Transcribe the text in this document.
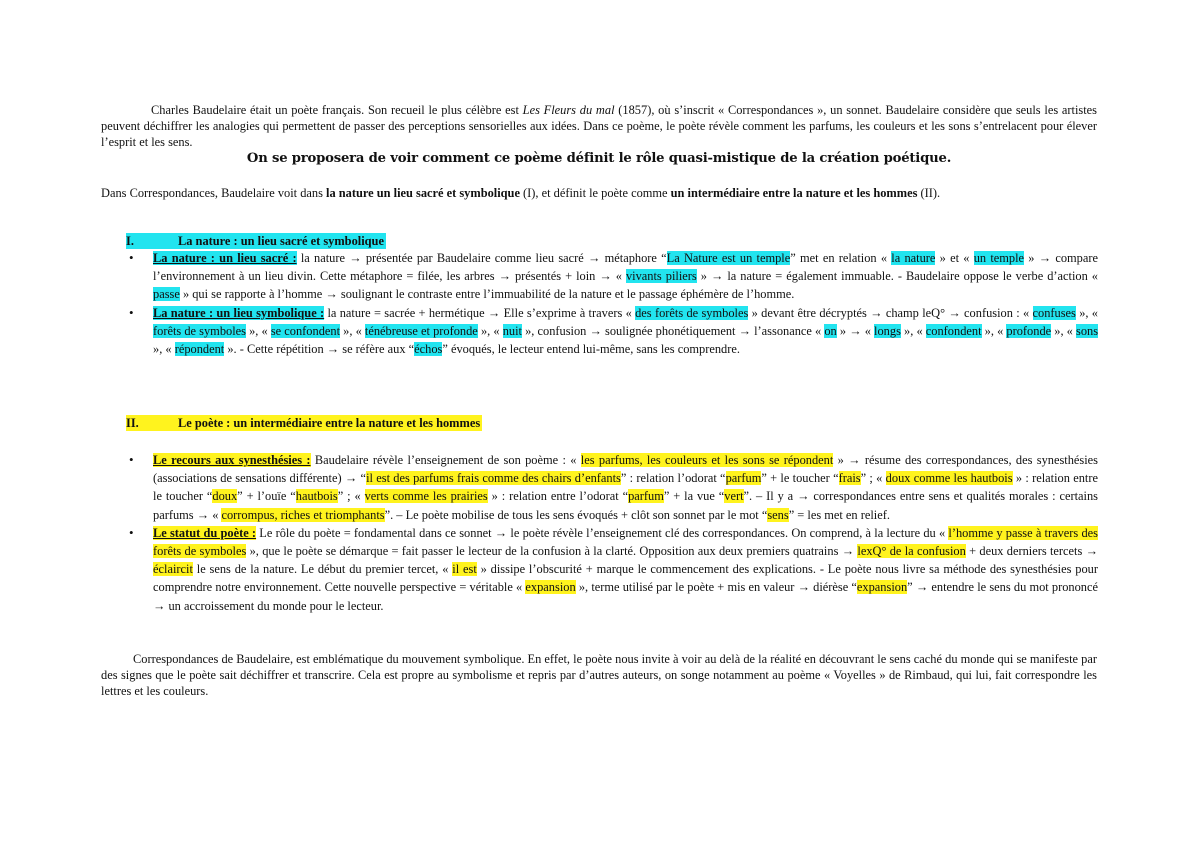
Charles Baudelaire était un poète français. Son recueil le plus célèbre est Les Fleurs du mal (1857), où s’inscrit « Correspondances », un sonnet. Baudelaire considère que seuls les artistes peuvent déchiffrer les analogies qui permettent de passer des perceptions sensorielles aux idées. Dans ce poème, le poète révèle comment les parfums, les couleurs et les sons s’entrelacent pour élever l’esprit et les sens.
On se proposera de voir comment ce poème définit le rôle quasi-mistique de la création poétique.
Dans Correspondances, Baudelaire voit dans la nature un lieu sacré et symbolique (I), et définit le poète comme un intermédiaire entre la nature et les hommes (II).
I.	La nature : un lieu sacré et symbolique
• La nature : un lieu sacré : la nature → présentée par Baudelaire comme lieu sacré → métaphore “La Nature est un temple” met en relation « la nature » et « un temple » → compare l’environnement à un lieu divin. Cette métaphore = filée, les arbres → présentés + loin → « vivants piliers » → la nature = également immuable. - Baudelaire oppose le verbe d’action « passe » qui se rapporte à l’homme → soulignant le contraste entre l’immuabilité de la nature et le passage éphémère de l’homme.
• La nature : un lieu symbolique : la nature = sacrée + hermétique → Elle s’exprime à travers « des forêts de symboles » devant être décryptés → champ leQ° → confusion : « confuses », « forêts de symboles », « se confondent », « ténébreuse et profonde », « nuit », confusion → soulignée phonétiquement → l’assonance « on » → « longs », « confondent », « profonde », « sons », « répondent ». - Cette répétition → se réfère aux “échos” évoqués, le lecteur entend lui-même, sans les comprendre.
II.	Le poète : un intermédiaire entre la nature et les hommes
• Le recours aux synesthésies : Baudelaire révèle l’enseignement de son poème : « les parfums, les couleurs et les sons se répondent » → résume des correspondances, des synesthésies (associations de sensations différente) → “il est des parfums frais comme des chairs d’enfants” : relation l’odorat “parfum” + le toucher “frais” ; « doux comme les hautbois » : relation entre le toucher “doux” + l’ouïe “hautbois” ; « verts comme les prairies » : relation entre l’odorat “parfum” + la vue “vert”. – Il y a → correspondances entre sens et qualités morales : certains parfums → « corrompus, riches et triomphants”. – Le poète mobilise de tous les sens évoqués + clôt son sonnet par le mot “sens” = les met en relief.
• Le statut du poète : Le rôle du poète = fondamental dans ce sonnet → le poète révèle l’enseignement clé des correspondances. On comprend, à la lecture du « l’homme y passe à travers des forêts de symboles », que le poète se démarque = fait passer le lecteur de la confusion à la clarté. Opposition aux deux premiers quatrains → lexQ° de la confusion + deux derniers tercets → éclaircit le sens de la nature. Le début du premier tercet, « il est » dissipe l’obscurité + marque le commencement des explications. - Le poète nous livre sa méthode des synesthésies pour comprendre notre environnement. Cette nouvelle perspective = véritable « expansion », terme utilisé par le poète + mis en valeur → diérèse “expansion” → entendre le sens du mot prononcé → un accroissement du monde pour le lecteur.
Correspondances de Baudelaire, est emblématique du mouvement symbolique. En effet, le poète nous invite à voir au delà de la réalité en découvrant le sens caché du monde qui se manifeste par des signes que le poète sait déchiffrer et transcrire. Cela est propre au symbolisme et repris par d’autres auteurs, on songe notamment au poème « Voyelles » de Rimbaud, qui lui, fait correspondre les lettres et les couleurs.
